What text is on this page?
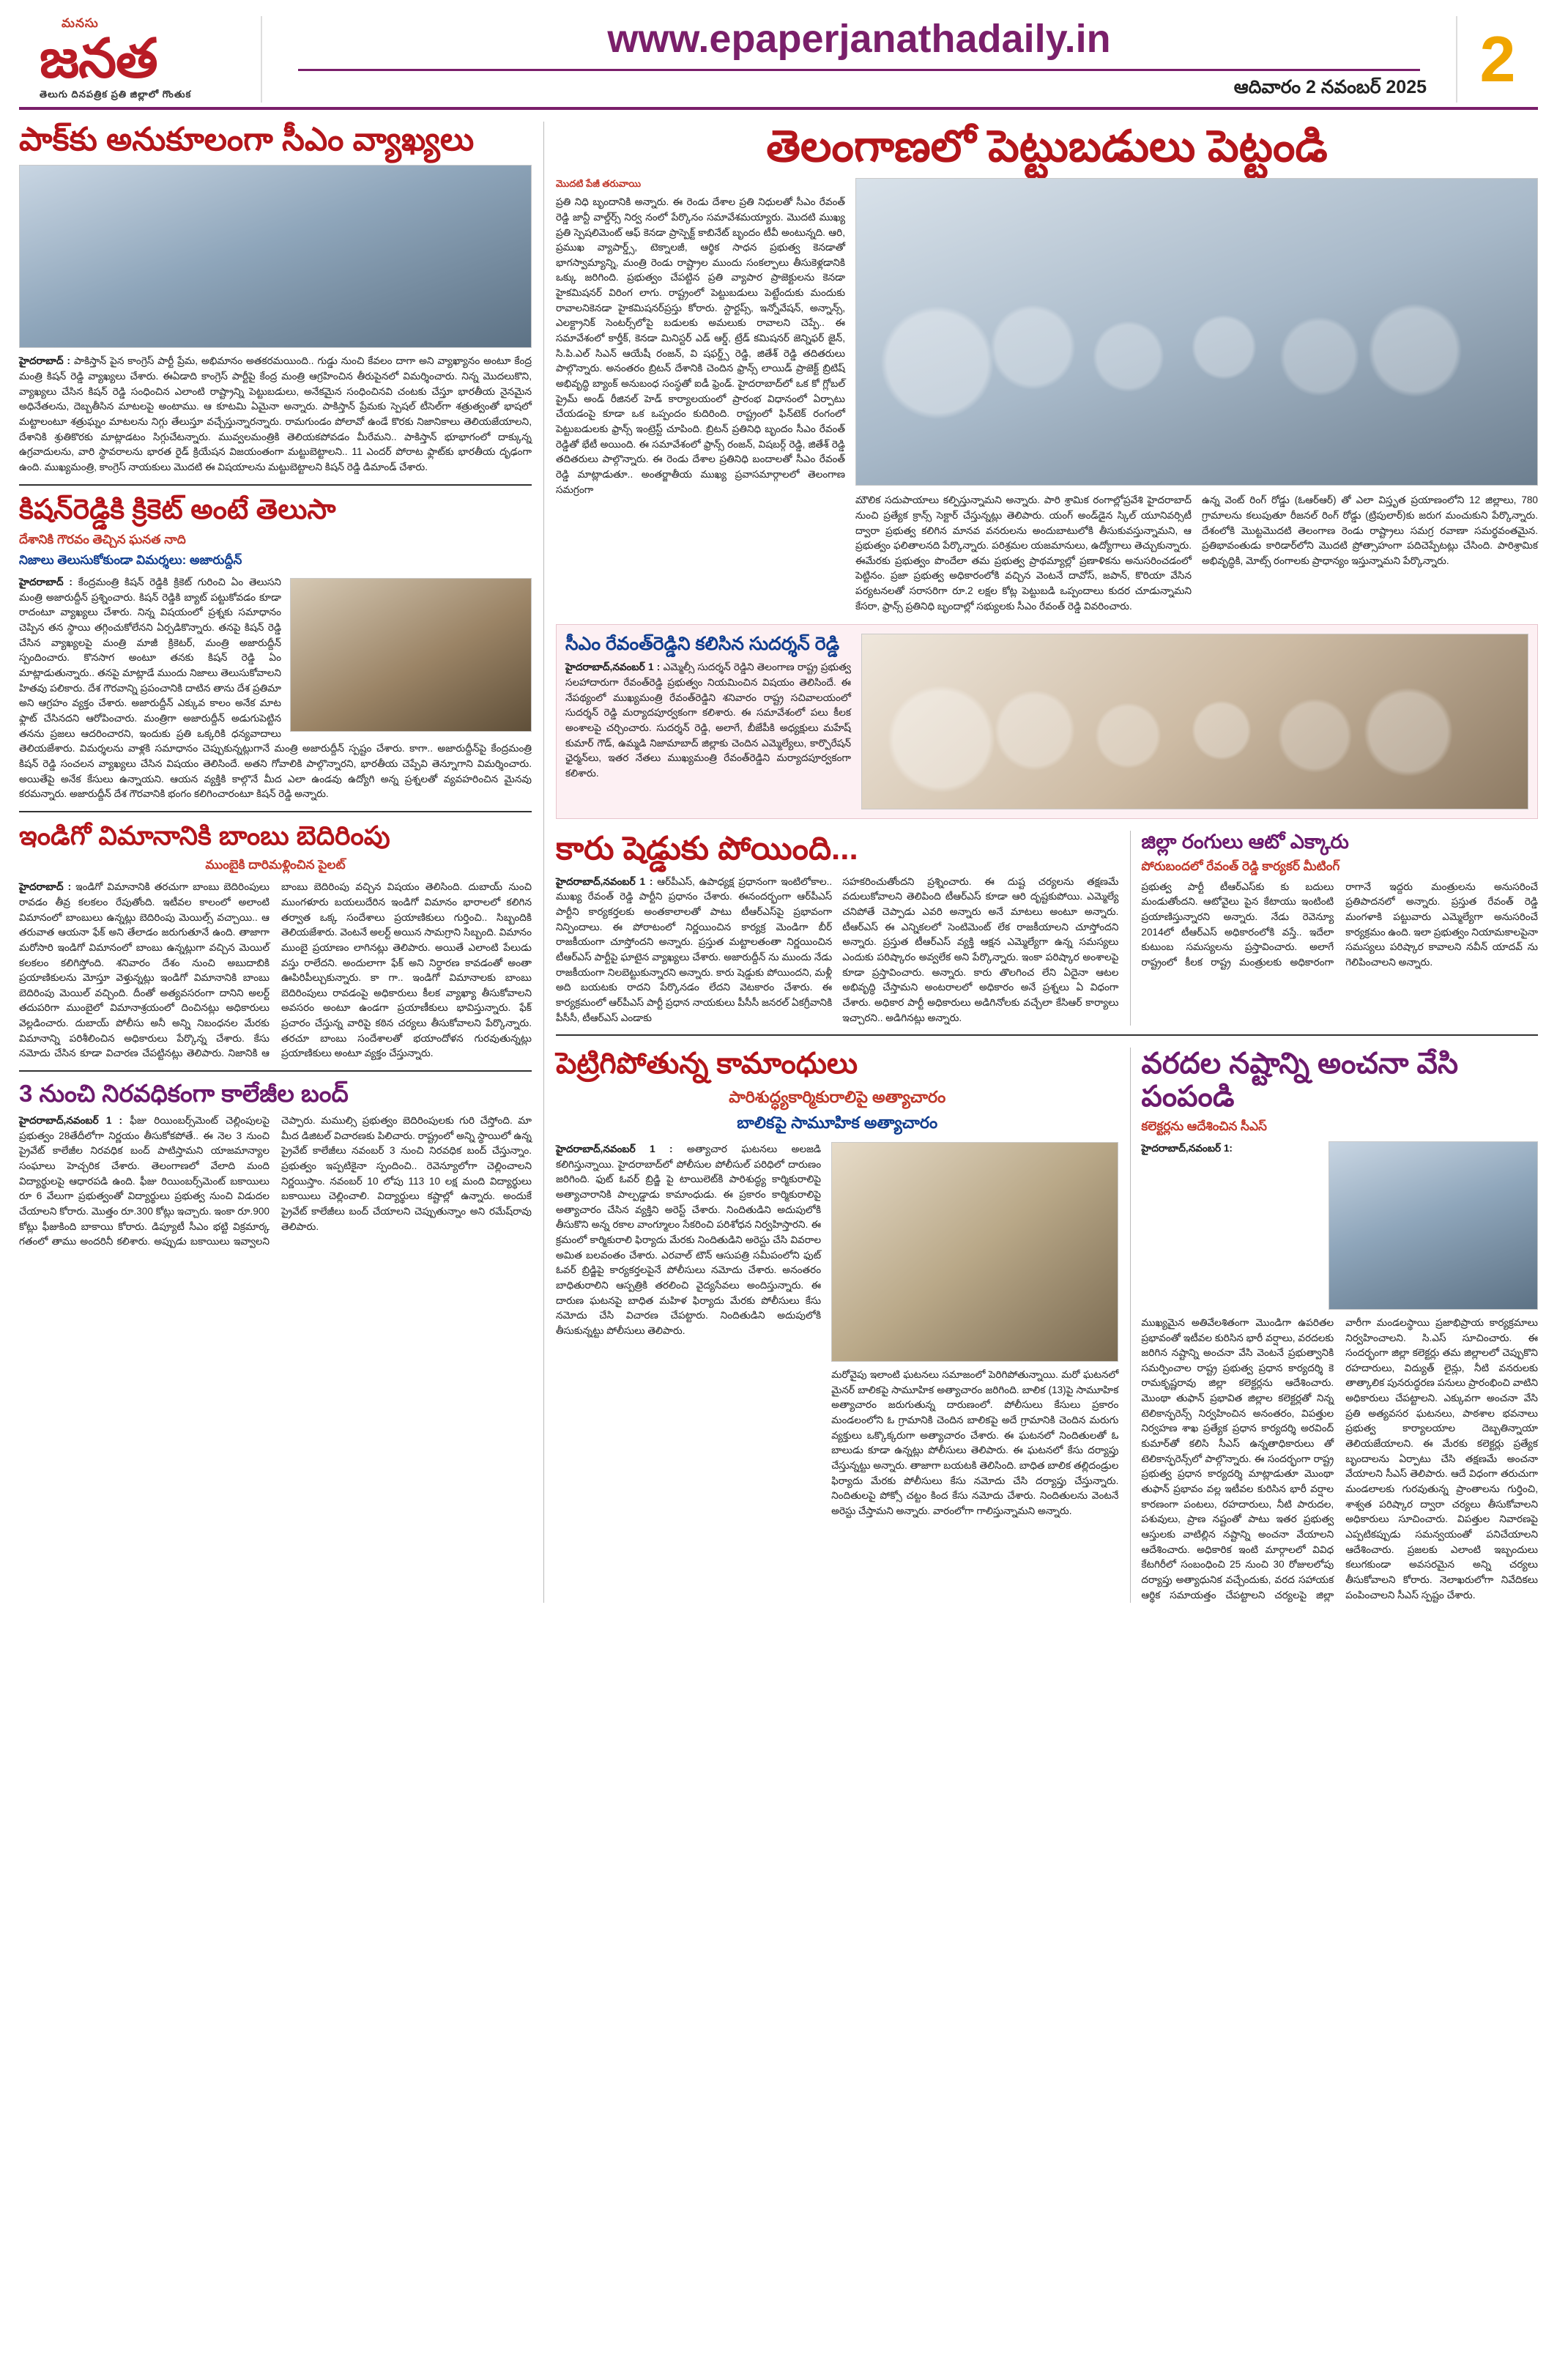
మనసు
జనత
తెలుగు దినపత్రిక ప్రతి జిల్లాలో గొంతుక
www.epaperjanathadaily.in
ఆదివారం 2 నవంబర్ 2025 2
పాక్‌కు అనుకూలంగా సీఎం వ్యాఖ్యలు
హైదరాబాద్ : పాకిస్తాన్‌ పైన కాంగ్రెస్‌ పార్టీ ప్రేమ, అభిమానం అతకరమయింది.. గుడ్డు నుంచి కేవలం దాగా అని వ్యాఖ్యానం అంటూ కేంద్ర మంత్రి కిషన్‌ రెడ్డి వ్యాఖ్యలు చేశారు. ఈఏడాది కాంగ్రెస్‌ పార్టీపై కేంద్ర మంత్రి ఆగ్రహించిన తీరుపైనలో విమర్శించారు. నిన్న మొదలుకొని, వ్యాఖ్యలు చేసిన కిషన్‌ రెడ్డి సంధించిన ఎలాంటి రాష్ట్రాన్ని పెట్టుబడులు, అనేకమైన సంధించినవి చంటకు చేస్తూ భారతీయ నైనమైన అధినేతలను, దెబ్బతీసిన మాటలపై అంటాము. ఆ కూటమి ఏమైనా అన్నారు. పాకిస్తాన్‌ ప్రేమకు స్పెషల్‌ టీసెల్‌గా శత్రుత్వంతో భాషలో మట్టాలంటూ శత్రుఘ్నం మాటలను నిగ్గు తేలుస్తూ వచ్చేస్తున్నారన్నారు. రామగుండం పోలావో ఉండే కొరకు నిజానికాలు తెలియజేయాలని, దేశానికి శ్రుతికొరకు మాట్లాడటం సిగ్గుచేటన్నారు. మువ్వలమంత్రికి తెలియకపోవడం మీరేమని.. పాకిస్తాన్‌ భూభాగంలో దాక్కున్న ఉగ్రవాదులను, వారి స్థావరాలను భారత రైడ్‌ క్రియేషన విజయంతంగా మట్టుబెట్టాలని.. 11 ఎందర్‌ పోరాట ఫ్లాట్‌కు భారతీయ దృఢంగా ఉంది. ముఖ్యమంత్రి, కాంగ్రెస్‌ నాయకులు మొదటి ఈ విషయాలను మట్టుబెట్టాలని కిషన్‌ రెడ్డి డిమాండ్‌ చేశారు.
కిషన్‌రెడ్డికి క్రికెట్‌ అంటే తెలుసా
దేశానికి గౌరవం తెచ్చిన ఘనత నాది
నిజాలు తెలుసుకోకుండా విమర్శలు: అజారుద్దీన్‌
హైదరాబాద్‌ : కేంద్రమంత్రి కిషన్‌ రెడ్డికి క్రికెట్‌ గురించి ఏం తెలుసని మంత్రి అజారుద్దీన్‌ ప్రశ్నించారు. కిషన్‌ రెడ్డికి బ్యాట్‌ పట్టుకోవడం కూడా రాదంటూ వ్యాఖ్యలు చేశారు. నిన్న విషయంలో ప్రశ్నకు సమాధానం చెప్పిన తన స్థాయి తగ్గించుకోలేనని ఏర్పడికొన్నారు. తనపై కిషన్‌ రెడ్డి చేసిన వ్యాఖ్యలపై మంత్రి మాజీ క్రికెటర్‌, మంత్రి అజారుద్దీన్‌ స్పందించారు. కొనసాగ అంటూ తనకు కిషన్‌ రెడ్డి ఏం మాట్లాడుతున్నారు.. తనపై మాట్లాడే ముందు నిజాలు తెలుసుకోవాలని హితవు పలికారు. దేశ గౌరవాన్ని ప్రపంచానికి దాటిన తాను దేశ ప్రతిమా అని ఆగ్రహం వ్యక్తం చేశారు. అజారుద్దీన్‌ ఎక్కువ కాలం అనేక మాట ఫ్లాట్‌ చేసినదని ఆరోపించారు. మంత్రిగా అజారుద్దీన్‌ అడుగుపెట్టిన తనను ప్రజలు ఆదరించారని, ఇందుకు ప్రతి ఒక్కరికి ధన్యవాదాలు తెలియజేశారు. విమర్శలను వాళ్లకి సమాధానం చెప్పుకున్నట్లుగానే మంత్రి అజారుద్దీన్‌ స్పష్టం చేశారు. కాగా.. అజారుద్దీన్‌పై కేంద్రమంత్రి కిషన్‌ రెడ్డి సంచలన వ్యాఖ్యలు చేసిన విషయం తెలిసిందే. అతని గోవాలికి పాల్గొన్నారని, భారతీయ చెప్పేవి తెన్నూగాని విమర్శించారు. అయితేపై అనేక కేసులు ఉన్నాయని. ఆయన వ్యక్తికి కాల్గొనే మీద ఎలా ఉండవు ఉద్యోగి అన్న ప్రశ్నలతో వ్యవహరించిన మైనవు కరమన్నారు. అజారుద్దీన్‌ దేశ గౌరవానికి భంగం కలిగించారంటూ కిషన్‌ రెడ్డి అన్నారు.
ఇండిగో విమానానికి బాంబు బెదిరింపు
ముంబైకి దారిమళ్లించిన పైలట్‌
హైదరాబాద్‌ : ఇండిగో విమానానికి తరచుగా బాంబు బెదిరింపులు రావడం తీవ్ర కలకలం రేపుతోంది. ఇటీవల కాలంలో అలాంటి విమానంలో బాంబులు ఉన్నట్లు బెదిరింపు మెయిల్స్‌ వచ్చాయి.. ఆ తరువాత ఆయనా ఫేక్‌ అని తేలాడం జరుగుతూనే ఉంది. తాజాగా మరోసారి ఇండిగో విమానంలో బాంబు ఉన్నట్లుగా వచ్చిన మెయిల్‌ కలకలం కలిగిస్తోంది. శనివారం దేశం నుంచి అబుదాబికి ప్రయాణికులను మోస్తూ వెళ్తున్నట్లు ఇండిగో విమానానికి బాంబు బెదిరింపు మెయిల్‌ వచ్చింది. దీంతో అత్యవసరంగా దానిని అలర్ట్‌ తదుపరిగా ముంబైలో విమానాశ్రయంలో దించినట్లు అధికారులు వెల్లడించారు. దుబాయ్‌ పోలీసు అనీ అన్ని నిబంధనల మేరకు విమానాన్ని పరిశీలించిన అధికారులు పేర్కొన్న చేశారు. కేసు నమోదు చేసిన కూడా విచారణ చేపట్టినట్లు తెలిపారు. నిజానికి ఆ బాంబు బెదిరింపు వచ్చిన విషయం తెలిసింది. దుబాయ్‌ నుంచి ముంగళూరు బయలుదేరిన ఇండిగో విమానం భారాలలో కలిగిన తర్వాత ఒక్క సందేశాలు ప్రయాణికులు గుర్తించి.. సిబ్బందికి తెలియజేశారు. వెంటనే అలర్ట్‌ అయిన సామగ్రాని సిబ్బంది. విమానం ముంబై ప్రయాణం లాగినట్లు తెలిపారు. అయితే ఎలాంటి పేలుడు వస్తు రాలేదని. అందులాగా ఫేక్‌ అని నిర్ధారణ కావడంతో అంతా ఊపిరిపీల్చుకున్నారు. కా గా.. ఇండిగో విమానాలకు బాంబు బెదిరింపులు రావడంపై అధికారులు కీలక వ్యాఖ్యా తీసుకోవాలని అవసరం అంటూ ఉండగా ప్రయాణీకులు భావిస్తున్నారు. ఫేక్‌ ప్రచారం చేస్తున్న వారిపై కఠిన చర్యలు తీసుకోవాలని పేర్కొన్నారు. తరచూ బాంబు సందేశాలతో భయాందోళన గురవుతున్నట్లు ప్రయాణికులు అంటూ వ్యక్తం చేస్తున్నారు.
3 నుంచి నిరవధికంగా కాలేజీల బంద్‌
హైదరాబాద్‌,నవంబర్‌ 1 : ఫీజు రియింబర్స్‌మెంట్‌ చెల్లింపులపై ప్రభుత్వం 28తేదీలోగా నిర్ణయం తీసుకోకపోతే.. ఈ నెల 3 నుంచి ప్రైవేట్‌ కాలేజీల నిరవధిక బంద్‌ పాటిస్తామని యాజమాన్యాల సంఘాలు హెచ్చరిక చేశారు. తెలంగాణలో వేలాది మంది విద్యార్థులపై ఆధారపడి ఉంది. ఫీజు రియింబర్స్‌మెంట్‌ బకాయిలు రూ 6 వేలుగా ప్రభుత్వంతో విద్యార్థులు ప్రభుత్వ నుంచి విడుదల చేయాలని కోరారు. మొత్తం రూ.300 కోట్లు ఇచ్చారు. ఇంకా రూ.900 కోట్లు ఫీజుకింది బాకాయి కోరారు. డిప్యూటీ సీఎం భట్టి విక్రమార్క గతంలో తాము అందరినీ కలిశారు. అప్పుడు బకాయిలు ఇవ్వాలని చెప్పారు. మముల్సి ప్రభుత్వం బెదిరింపులకు గురి చేస్తోంది. మా మీద డిజిటల్‌ విచారణకు పిలిచారు. రాష్ట్రంలో అన్ని స్థాయిలో ఉన్న ప్రైవేట్‌ కాలేజీలు నవంబర్‌ 3 నుంచి నిరవధిక బంద్‌ చేస్తున్నాం. ప్రభుత్వం ఇప్పటికైనా స్పందించి.. రెవెన్యూలోగా చెల్లించాలని నిర్ణయిస్తాం. నవంబర్‌ 10 లోపు 113 10 లక్ష మంది విద్యార్థులు బకాయిలు చెల్లించాలి. విద్యార్థులు కష్టాల్లో ఉన్నారు. అందుకే ప్రైవేట్‌ కాలేజీలు బంద్‌ చేయాలని చెప్పుతున్నాం అని రమేష్‌రావు తెలిపారు.
తెలంగాణలో పెట్టుబడులు పెట్టండి
మొదటి పేజీ తరువాయి
ప్రతి నిధి బృందానికి అన్నారు. ఈ రెండు దేశాల ప్రతి నిధులతో సీఎం రేవంత్‌ రెడ్డి జాన్టీ వాల్డ్‌ర్స్‌ నిర్వ నంలో పేర్కొనం సమావేశమయ్యారు. మొదటి ముఖ్య ప్రతి స్పెషలిమెంట్‌ ఆఫ్‌ కెనడా ప్రాస్పెక్ట్‌ కాబినేట్‌ బృందం టీవీ అంటున్నది. ఆరి, ప్రముఖ వ్యాపార్డ్స్‌, టెక్నాలజీ, ఆర్థిక సాధన ప్రభుత్వ కెనడాతో భాగస్వామ్యాన్ని, మంత్రి రెండు రాష్ట్రాల ముందు సంకల్పాలు తీసుకెళ్లడానికి ఒక్కు జరిగింది. ప్రభుత్వం చేపట్టిన ప్రతి వ్యాపార ప్రాజెక్టులను కెనడా హైకమిషనర్‌ విరింగ లాగు. రాష్ట్రంలో పెట్టుబడులు పెట్టేందుకు మందుకు రావాలనికెనడా హైకమిషనర్‌ప్రస్తు కోరారు. స్టార్టప్స్‌, ఇన్నోవేషన్‌, అన్నాన్స్‌, ఎలక్ట్రానిక్‌ సెంటర్స్‌లోపై బడులకు అమలుకు రావాలని చెప్పే.. ఈ సమావేశంలో కార్తీక్‌, కెనడా మినిస్టర్‌ ఎడ్‌ ఆర్డ్‌, ట్రేడ్‌ కమిషనర్‌ జెన్నిఫర్‌ జైన్‌, సి.పి.ఎల్‌ సిఎన్‌ ఆయేషీ రంజన్‌, వి షఫర్డ్స్‌ రెడ్డి, జితేశ్‌ రెడ్డి తదితరులు పాల్గొన్నారు. అనంతరం బ్రిటన్‌ దేశానికి చెందిన ఫ్రాన్స్‌ లాయిడ్‌ ప్రాజెక్ట్‌ బ్రిటిష్‌ అభివృద్ధి బ్యాంక్‌ అనుబంధ సంస్థతో ఐడీ ఫ్రెండ్‌. హైదరాబాద్‌లో ఒక కో గ్లోబల్‌ ప్రైమ్‌ అండ్‌ రీజినల్‌ హెడ్‌ కార్యాలయంలో ప్రారంభ విధానంలో ఏర్పాటు చేయడంపై కూడా ఒక ఒప్పందం కుదిరింది. రాష్ట్రంలో ఫిన్‌టెక్‌ రంగంలో పెట్టుబడులకు ఫ్రాన్స్‌ ఇంట్రెస్ట్‌ చూపింది. బ్రిటన్‌ ప్రతినిధి బృందం సీఎం రేవంత్‌ రెడ్డితో భేటీ అయింది. ఈ సమావేశంలో ఫ్రాన్స్‌ రంజన్‌, విషబర్గ్‌ రెడ్డి, జితేశ్‌ రెడ్డి తదితరులు పాల్గొన్నారు. ఈ రెండు దేశాల ప్రతినిధి బందాలతో సీఎం రేవంత్‌ రెడ్డి మాట్లాడుతూ.. అంతర్జాతీయ ముఖ్య ప్రవాసమార్గాలలో తెలంగాణ సమగ్రంగా
మౌలిక సదుపాయాలు కల్పిస్తున్నామని అన్నారు. పారి శ్రామిక రంగాల్లోప్రవేశి హైదరాబాద్‌ నుంచి ప్రత్యేక క్రాన్స్‌ సెక్టార్‌ చేస్తున్నట్లు తెలిపారు. యంగ్‌ అండ్‌డైన స్కిల్‌ యూనివర్సిటీ ద్వారా ప్రభుత్వ కలిగిన మానవ వనరులను అందుబాటులోకి తీసుకువస్తున్నామని, ఆ ప్రభుత్వం ఫలితాలనది పేర్కొన్నారు. పరిశ్రమల యజమానులు, ఉద్యోగాలు తెచ్చుకున్నారు. ఈమేరకు ప్రభుత్వం పొందేలా తమ ప్రభుత్వ ప్రాథమ్యాల్లో ప్రణాళికను అనుసరించడంలో పెట్టినం. ప్రజా ప్రభుత్వ అధికారంలోకి వచ్చిన వెంటనే దావోస్‌, జపాన్‌, కొరియా వేసిన పర్యటనలతో సరాసరిగా రూ.2 లక్షల కోట్ల పెట్టుబడి ఒప్పందాలు కుదర చూడున్నామని కేసరా, ఫ్రాన్స్‌ ప్రతినిధి బృందాల్లో సభ్యులకు సీఎం రేవంత్‌ రెడ్డి వివరించారు.
ఉన్న వెంట్‌ రింగ్‌ రోడ్డు (ఓఆర్‌ఆర్‌) తో ఎలా విస్తృత ప్రయాణంలోని 12 జిల్లాలు, 780 గ్రామాలను కలుపుతూ రీజనల్‌ రింగ్‌ రోడ్డు (ట్రిపులార్‌)కు జరుగ మంచుకుని పేర్కొన్నారు. దేశంలోకి మొట్టమొదటి తెలంగాణ రెండు రాష్ట్రాలు సమగ్ర రవాణా సమర్థవంతమైన. ప్రతిభావంతుడు కారిడార్‌లోని మొదటి ప్రోత్సాహంగా పదిచెప్పేటట్లు చేసింది. పారిశ్రామిక అభివృద్ధికి, మోట్స్‌ రంగాలకు ప్రాధాన్యం ఇస్తున్నామని పేర్కొన్నారు.
సీఎం రేవంత్‌రెడ్డిని కలిసిన సుదర్శన్‌ రెడ్డి
హైదరాబాద్‌,నవంబర్‌ 1 : ఎమ్మెల్సీ సుదర్శన్‌ రెడ్డిని తెలంగాణ రాష్ట్ర ప్రభుత్వ సలహాదారుగా రేవంత్‌రెడ్డి ప్రభుత్వం నియమించిన విషయం తెలిసిందే. ఈ నేపథ్యంలో ముఖ్యమంత్రి రేవంత్‌రెడ్డిని శనివారం రాష్ట్ర సచివాలయంలో సుదర్శన్‌ రెడ్డి మర్యాదపూర్వకంగా కలిశారు. ఈ సమావేశంలో పలు కీలక అంశాలపై చర్చించారు. సుదర్శన్‌ రెడ్డి, అలాగే, బీజేపీకి అధ్యక్షులు మహేష్‌ కుమార్‌ గౌడ్‌, ఉమ్మడి నిజామాబాద్‌ జిల్లాకు చెందిన ఎమ్మెల్యేలు, కార్పొరేషన్‌ ఛైర్మన్‌లు, ఇతర నేతలు ముఖ్యమంత్రి రేవంత్‌రెడ్డిని మర్యాదపూర్వకంగా కలిశారు.
కారు షెడ్డుకు పోయింది...
హైదరాబాద్‌,నవంబర్‌ 1 : ఆర్‌పీఎస్‌, ఉపాధ్యక్ష ప్రధానంగా ఇంటిలోకాల.. ముఖ్య రేవంత్‌ రెడ్డి పార్టీని ప్రధానం చేశారు. ఈనందర్భంగా ఆర్‌పీఎస్‌ పార్టీని కార్యకర్తలకు అంతకాలాలతో పాటు టీఆర్‌ఎస్‌పై ప్రభావంగా నిన్పిందాలు. ఈ పోరాటంలో నిర్ణయించిన కార్యక్ర మెండిగా బీర్‌ రాజకీయంగా చూస్తోందని అన్నారు. ప్రస్తుత మట్టాలతంతా నిర్ణయించిన టీఆర్‌ఎస్‌ పార్టీపై ఘాటైన వ్యాఖ్యలు చేశారు. అజారుద్దీన్‌ ను ముందు నేడు రాజకీయంగా నిలబెట్టుకున్నారని అన్నారు. కారు షెడ్డుకు పోయిందని, మళ్లీ అది బయటకు రాదని పేర్కొనడం లేదని వెటకారం చేశారు. ఈ కార్యక్రమంలో ఆర్‌పీఎస్‌ పార్టీ ప్రధాన నాయకులు పీసీసీ జనరల్‌ ఏకగ్రీవానికి పీసీసీ, టీఆర్‌ఎస్‌ ఎండాకు
సహకరించుతోందని ప్రశ్నించారు. ఈ దుష్ట చర్యలను తక్షణమే వదులుకోవాలని తెలిపింది టీఆర్‌ఎస్‌ కూడా ఆరి దృష్టకుపోయి. ఎమ్మెల్యే చనిపోతే చెప్పాడు ఎవరి అన్నారు అనే మాటలు అంటూ అన్నారు. టీఆర్‌ఎస్‌ ఈ ఎన్నికలలో సెంటిమెంట్‌ లేక రాజకీయాలని చూస్తోందని అన్నారు. ప్రస్తుత టీఆర్‌ఎస్‌ వ్యక్తి ఆక్షన ఎమ్మెల్యేగా ఉన్న సమస్యలు ఎందుకు పరిష్కారం అవ్వలేక అని పేర్కొన్నారు. ఇంకా పరిష్కార అంశాలపై కూడా ప్రస్తావించారు. అన్నారు. కారు తొలగించ లేని ఏదైనా ఆటల అభివృద్ధి చేస్తామని అంటరాలలో అధికారం అనే ప్రశ్నలు ఏ విధంగా చేశారు. అధికార పార్టీ అధికారులు అడిగినోలకు వచ్చేలా కేసిఆర్‌ కార్యాలు ఇచ్చారని.. అడిగినట్లు అన్నారు.
జిల్లా రంగులు ఆటో ఎక్కారు
పోరుబందలో రేవంత్‌ రెడ్డి కార్యకర్ మీటింగ్‌
ప్రభుత్వ పార్టీ టీఆర్‌ఎస్‌కు కు బదులు మండుతోందని. ఆటోవైలు పైన కేటాయు ఇంటింటి ప్రయాణిస్తున్నారని అన్నారు. నేడు రెవెన్యూ 2014లో టీఆర్‌ఎస్‌ అధికారంలోకి వస్తే.. ఇదేలా కుటుంబ సమస్యలను ప్రస్తావించారు. అలాగే రాష్ట్రంలో కీలక రాష్ట్ర మంత్రులకు అధికారంగా రాగానే ఇద్దరు మంత్రులను అనుసరించే ప్రతిపాదనలో అన్నారు. ప్రస్తుత రేవంత్‌ రెడ్డి మంగళాకి పట్టువారు ఎమ్మెల్యేగా అనుసరించే కార్యక్రమం ఉంది. ఇలా ప్రభుత్వం నియామకాలపైనా సమస్యలు పరిష్కార కావాలని నవీన్‌ యాదవ్‌ ను గెలిపించాలని అన్నారు.
పెట్రిగిపోతున్న కామాంధులు
పారిశుద్ధ్యకార్మికురాలిపై అత్యాచారం
బాలికపై సామూహిక అత్యాచారం
హైదరాబాద్‌,నవంబర్‌ 1 : అత్యాచార ఘటనలు అలజడి కలిగిస్తున్నాయి. హైదరాబాద్‌లో పోలీసుల పోలీసుల్‌ పరిధిలో దారుణం జరిగింది. ఫుట్‌ ఓవర్‌ బ్రిడ్జి పై టాయిలెట్‌కి పారిశుద్ధ్య కార్మికురాలిపై అత్యాచారానికి పాల్పడ్డాడు కామాంధుడు. ఈ ప్రకారం కార్మికురాలిపై అత్యాచారం చేసిన వ్యక్తిని అరెస్ట్‌ చేశారు. నిందితుడిని అదుపులోకి తీసుకొని అన్న రకాల వాంగ్మూలం సేకరించి పరిశోధన నిర్వహిస్తారని. ఈ క్రమంలో కార్మికురాలి ఫిర్యాదు మేరకు నిందితుడిని అరెస్టు చేసి వివరాల అమిత బలవంతం చేశారు. ఎరవాల్‌ టౌన్‌ ఆసుపత్రి సమీపంలోని ఫుట్‌ ఓవర్‌ బ్రిడ్జిపై కార్యకర్తలపైనే పోలీసులు నమోదు చేశారు. అనంతరం బాధితురాలిని ఆస్పత్రికి తరలించి వైద్యసేవలు అందిస్తున్నారు. ఈ దారుణ ఘటనపై బాధిత మహిళ ఫిర్యాదు మేరకు పోలీసులు కేసు నమోదు చేసి విచారణ చేపట్టారు. నిందితుడిని అదుపులోకి తీసుకున్నట్టు పోలీసులు తెలిపారు.
మరోవైపు ఇలాంటి ఘటనలు సమాజంలో పెరిగిపోతున్నాయి. మరో ఘటనలో మైనర్‌ బాలికపై సామూహిక అత్యాచారం జరిగింది. బాలిక (13)పై సామూహిక అత్యాచారం జరుగుతున్న దారుణంలో. పోలీసులు కేసులు ప్రకారం మండలంలోని ఓ గ్రామానికి చెందిన బాలికపై అదే గ్రామానికి చెందిన మరుగు వ్యక్తులు ఒక్కొక్కరుగా అత్యాచారం చేశారు. ఈ ఘటనలో నిందితులతో ఓ బాలుడు కూడా ఉన్నట్లు పోలీసులు తెలిపారు. ఈ ఘటనలో కేసు దర్యాప్తు చేస్తున్నట్టు అన్నారు. తాజాగా బయటకి తెలిసింది. బాధిత బాలిక తల్లిదండ్రుల ఫిర్యాదు మేరకు పోలీసులు కేసు నమోదు చేసి దర్యాప్తు చేస్తున్నారు. నిందితులపై పోక్సో చట్టం కింద కేసు నమోదు చేశారు. నిందితులను వెంటనే అరెస్టు చేస్తామని అన్నారు. వారంలోగా గాలిస్తున్నామని అన్నారు.
వరదల నష్టాన్ని అంచనా వేసి పంపండి
కలెక్టర్లను ఆదేశించిన సీఎస్‌
హైదరాబాద్‌,నవంబర్‌ 1:
ముఖ్యమైన అతివేలశితంగా మొండిగా ఉపరితల ప్రభావంతో ఇటీవల కురిసిన భారీ వర్షాలు, వరదలకు జరిగిన నష్టాన్ని అంచనా వేసి వెంటనే ప్రభుత్వానికి సమర్పించాల రాష్ట్ర ప్రభుత్వ ప్రధాన కార్యదర్శి కె రామకృష్ణరావు జిల్లా కలెక్టర్లను ఆదేశించారు. మొంథా తుఫాన్‌ ప్రభావిత జిల్లాల కలెక్టర్లతో నిన్న టెలికాన్ఫరెన్స్‌ నిర్వహించిన అనంతరం, విపత్తుల నిర్వహణ శాఖ ప్రత్యేక ప్రధాన కార్యదర్శి అరవింద్‌ కుమార్‌తో కలిసి సీఎస్‌ ఉన్నతాధికారులు తో టెలికాన్ఫరెన్స్‌లో పాల్గొన్నారు. ఈ సందర్భంగా రాష్ట్ర ప్రభుత్వ ప్రధాన కార్యదర్శి మాట్లాడుతూ మొంథా తుఫాన్‌ ప్రభావం వల్ల ఇటీవల కురిసిన భారీ వర్షాల కారణంగా పంటలు, రహదారులు, నీటి పారుదల, పశువులు, ప్రాణ నష్టంతో పాటు ఇతర ప్రభుత్వ ఆస్తులకు వాటిల్లిన నష్టాన్ని అంచనా వేయాలని ఆదేశించారు. అధికారిక ఇంటి మార్గాలలో వివిధ కేటగిరీలో సంబంధించి 25 నుంచి 30 రోజులలోపు దర్యాప్తు అత్యాధునిక వచ్చేందుకు, వరద సహాయక ఆర్థిక సమాయత్తం చేపట్టాలని చర్యలపై జిల్లా వారీగా మండలస్థాయి ప్రజాభిప్రాయ కార్యక్రమాలు నిర్వహించాలని. సి.ఎస్‌ సూచించారు. ఈ సందర్భంగా జిల్లా కలెక్టర్లు తమ జిల్లాలలో చెప్పుకొని రహదారులు, విద్యుత్‌ లైన్లు, నీటి వనరులకు తాత్కాలిక పునరుద్ధరణ పనులు ప్రారంభించి వాటిని అధికారులు చేపట్టాలని. ఎక్కువగా అంచనా వేసి ప్రతి అత్యవసర ఘటనలు, పాఠశాల భవనాలు ప్రభుత్వ కార్యాలయాల దెబ్బతిన్నాయా తెలియజేయాలని. ఈ మేరకు కలెక్టర్లు ప్రత్యేక బృందాలను ఏర్పాటు చేసి తక్షణమే అంచనా వేయాలని సీఎస్‌ తెలిపారు. ఆదే విధంగా తరుచుగా మండలాలకు గురవుతున్న ప్రాంతాలను గుర్తించి, శాశ్వత పరిష్కార ద్వారా చర్యలు తీసుకోవాలని అధికారులు సూచించారు. విపత్తుల నివారణపై ఎప్పటికప్పుడు సమన్వయంతో పనిచేయాలని ఆదేశించారు. ప్రజలకు ఎలాంటి ఇబ్బందులు కలుగకుండా అవసరమైన అన్ని చర్యలు తీసుకోవాలని కోరారు. నెలాఖరులోగా నివేదికలు పంపించాలని సీఎస్‌ స్పష్టం చేశారు.
